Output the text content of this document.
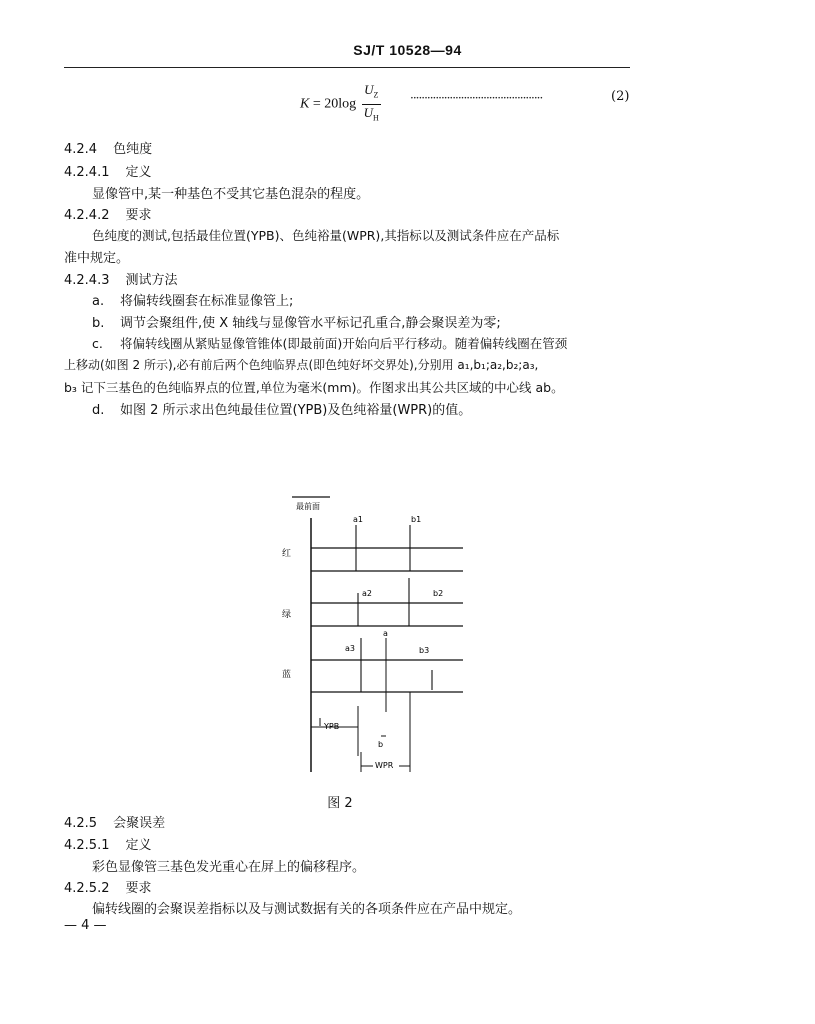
SJ/T 10528—94
$K = 20\log \frac{U_Z}{U_H}$ ···············································	(2)
4.2.4 色纯度
4.2.4.1 定义
显像管中,某一种基色不受其它基色混杂的程度。
4.2.4.2 要求
色纯度的测试,包括最佳位置(YPB)、色纯裕量(WPR),其指标以及测试条件应在产品标
准中规定。
4.2.4.3 测试方法
a. 将偏转线圈套在标准显像管上;
b. 调节会聚组件,使 X 轴线与显像管水平标记孔重合,静会聚误差为零;
c. 将偏转线圈从紧贴显像管锥体(即最前面)开始向后平行移动。随着偏转线圈在管颈
上移动(如图 2 所示),必有前后两个色纯临界点(即色纯好坏交界处),分别用 a₁,b₁;a₂,b₂;a₃,
b₃ 记下三基色的色纯临界点的位置,单位为毫米(mm)。作图求出其公共区域的中心线 ab。
d. 如图 2 所示求出色纯最佳位置(YPB)及色纯裕量(WPR)的值。
最前面
红
a1	b1
绿
a2	b2
蓝
a3	b3
a
b
YPB
WPR
图 2
4.2.5 会聚误差
4.2.5.1 定义
彩色显像管三基色发光重心在屏上的偏移程序。
4.2.5.2 要求
偏转线圈的会聚误差指标以及与测试数据有关的各项条件应在产品中规定。
— 4 —
